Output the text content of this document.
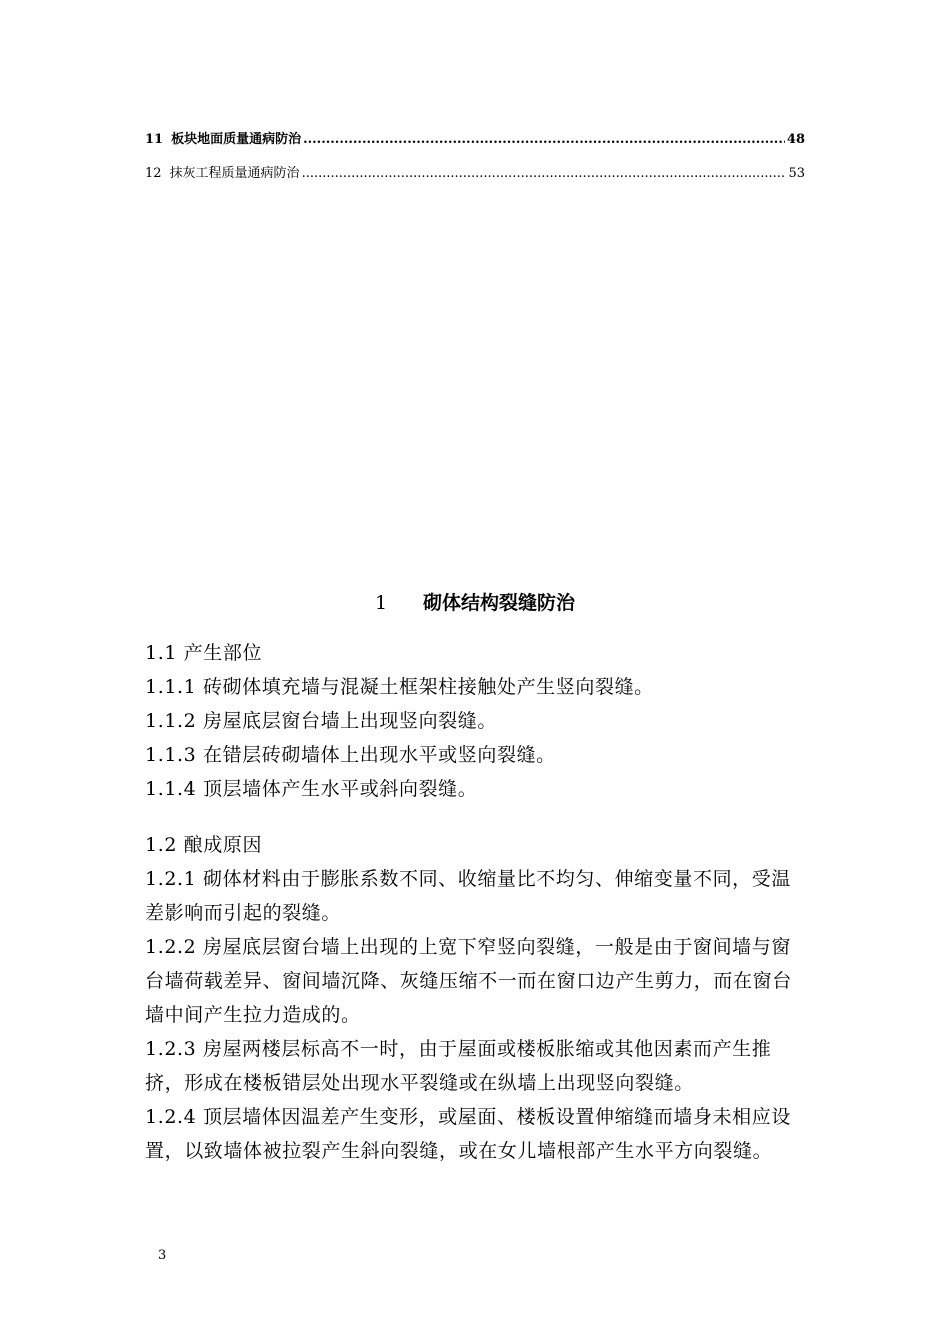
11 板块地面质量通病防治 .....	48
12 抹灰工程质量通病防治 .....	53
1 砌体结构裂缝防治

1.1 产生部位

1.1.1 砖砌体填充墙与混凝土框架柱接触处产生竖向裂缝。

1.1.2 房屋底层窗台墙上出现竖向裂缝。

1.1.3 在错层砖砌墙体上出现水平或竖向裂缝。

1.1.4 顶层墙体产生水平或斜向裂缝。

1.2 酿成原因

1.2.1 砌体材料由于膨胀系数不同、收缩量比不均匀、伸缩变量不同，受温差影响而引起的裂缝。

1.2.2 房屋底层窗台墙上出现的上宽下窄竖向裂缝，一般是由于窗间墙与窗台墙荷载差异、窗间墙沉降、灰缝压缩不一而在窗口边产生剪力，而在窗台墙中间产生拉力造成的。

1.2.3 房屋两楼层标高不一时，由于屋面或楼板胀缩或其他因素而产生推挤，形成在楼板错层处出现水平裂缝或在纵墙上出现竖向裂缝。

1.2.4 顶层墙体因温差产生变形，或屋面、楼板设置伸缩缝而墙身未相应设置，以致墙体被拉裂产生斜向裂缝，或在女儿墙根部产生水平方向裂缝。

3
